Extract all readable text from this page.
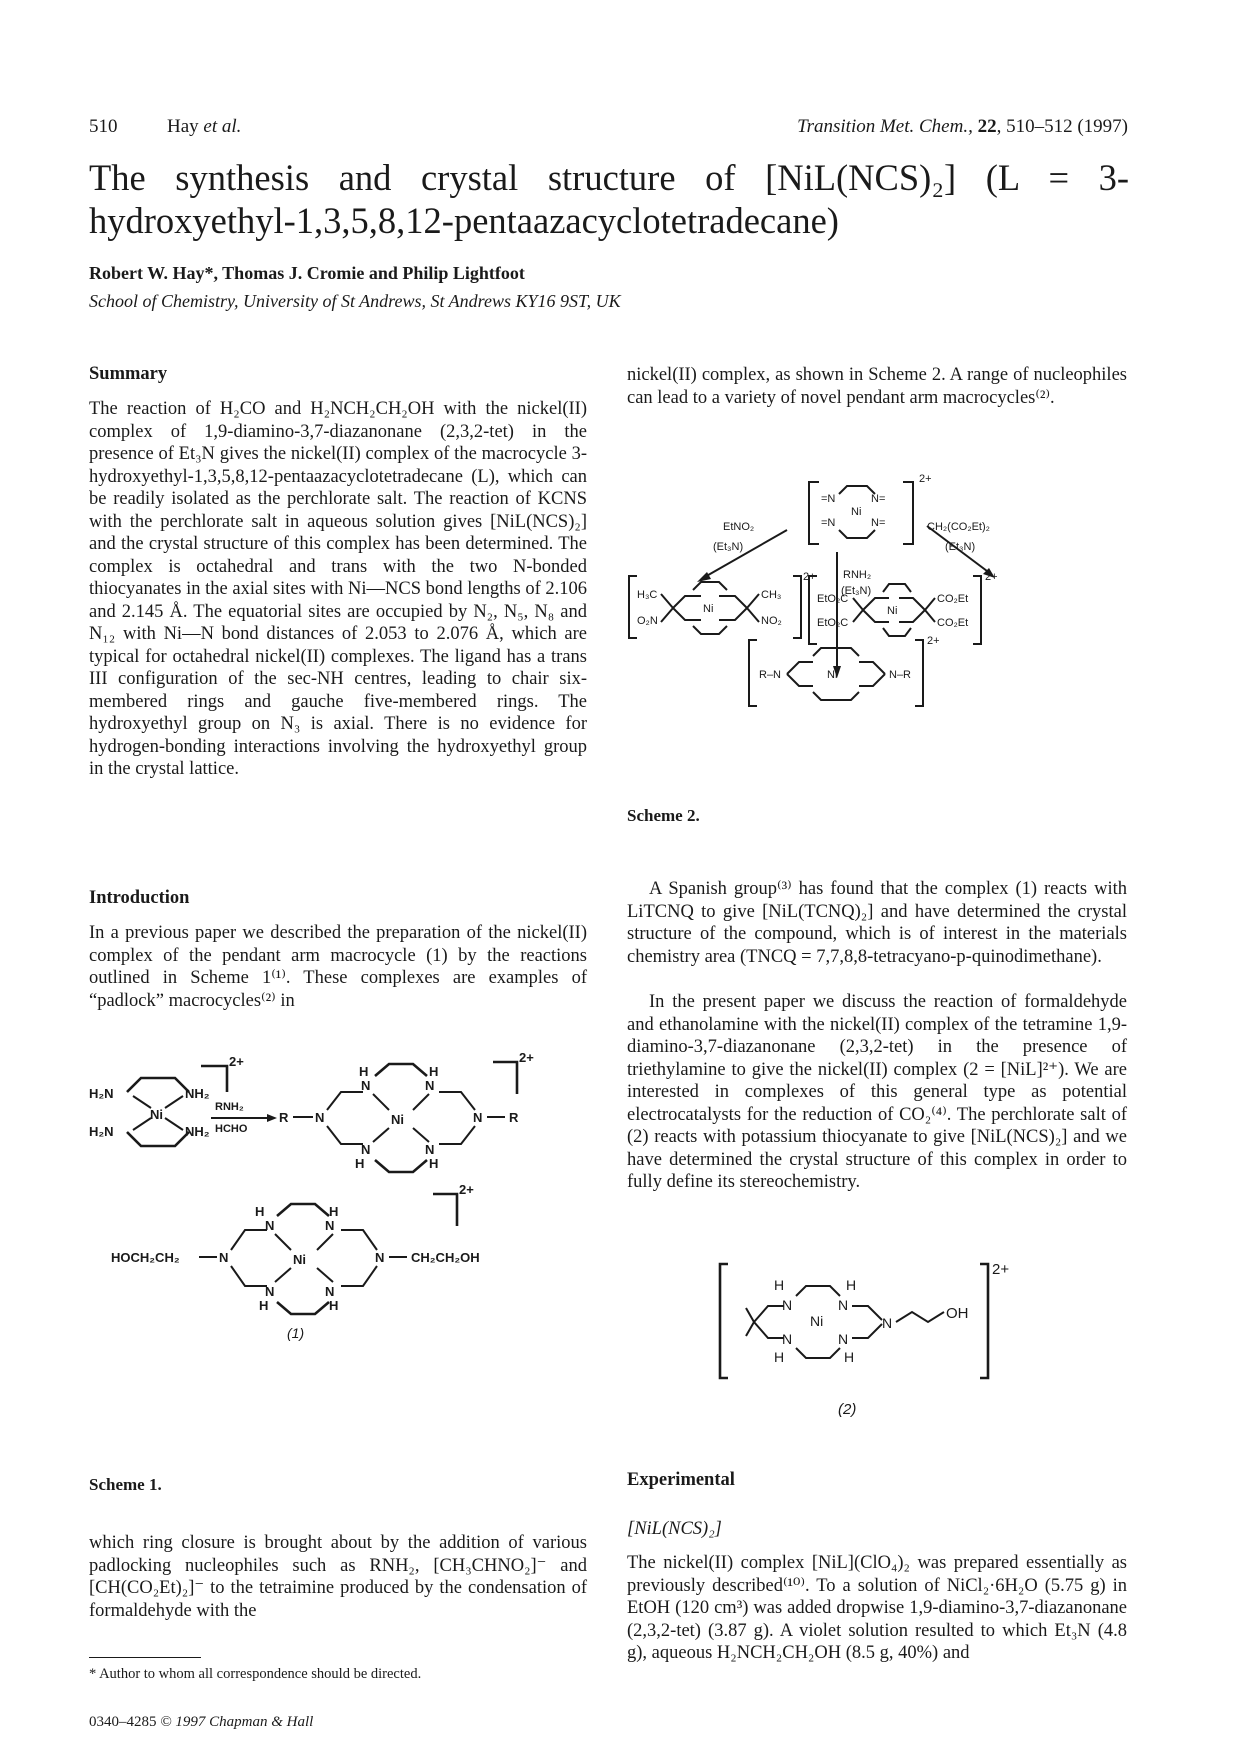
510	Hay et al.	Transition Met. Chem., 22, 510–512 (1997)
The synthesis and crystal structure of [NiL(NCS)₂] (L = 3-hydroxyethyl-1,3,5,8,12-pentaazacyclotetradecane)
Robert W. Hay*, Thomas J. Cromie and Philip Lightfoot
School of Chemistry, University of St Andrews, St Andrews KY16 9ST, UK
Summary
The reaction of H₂CO and H₂NCH₂CH₂OH with the nickel(II) complex of 1,9-diamino-3,7-diazanonane (2,3,2-tet) in the presence of Et₃N gives the nickel(II) complex of the macrocycle 3-hydroxyethyl-1,3,5,8,12-pentaazacyclotetradecane (L), which can be readily isolated as the perchlorate salt. The reaction of KCNS with the perchlorate salt in aqueous solution gives [NiL(NCS)₂] and the crystal structure of this complex has been determined. The complex is octahedral and trans with the two N-bonded thiocyanates in the axial sites with Ni—NCS bond lengths of 2.106 and 2.145 Å. The equatorial sites are occupied by N₂, N₅, N₈ and N₁₂ with Ni—N bond distances of 2.053 to 2.076 Å, which are typical for octahedral nickel(II) complexes. The ligand has a trans III configuration of the sec-NH centres, leading to chair six-membered rings and gauche five-membered rings. The hydroxyethyl group on N₃ is axial. There is no evidence for hydrogen-bonding interactions involving the hydroxyethyl group in the crystal lattice.
Introduction
In a previous paper we described the preparation of the nickel(II) complex of the pendant arm macrocycle (1) by the reactions outlined in Scheme 1⁽¹⁾. These complexes are examples of “padlock” macrocycles⁽²⁾ in
H₂N	NH₂
H₂N	NH₂
Ni
2+
RNH₂
HCHO
R N
N
H
N
H
N
H
N
H
Ni	N R
2+
HOCH₂CH₂	N
N
H
N
H
N
H
N
H
Ni	N CH₂CH₂OH
2+
(1)
Scheme 1.
which ring closure is brought about by the addition of various padlocking nucleophiles such as RNH₂, [CH₃CHNO₂]⁻ and [CH(CO₂Et)₂]⁻ to the tetraimine produced by the condensation of formaldehyde with the
* Author to whom all correspondence should be directed.
0340–4285 © 1997 Chapman & Hall
nickel(II) complex, as shown in Scheme 2. A range of nucleophiles can lead to a variety of novel pendant arm macrocycles⁽²⁾.
2+
=N	N=
=N	N=
Ni
EtNO₂
(Et₃N)
RNH₂
(Et₃N)
CH₂(CO₂Et)₂
(Et₃N)
2+
H₃C
O₂N
CH₃
NO₂
Ni
2+
EtO₂C
EtO₂C
CO₂Et
CO₂Et
Ni
2+
R–N	N–R
Ni
Scheme 2.
A Spanish group⁽³⁾ has found that the complex (1) reacts with LiTCNQ to give [NiL(TCNQ)₂] and have determined the crystal structure of the compound, which is of interest in the materials chemistry area (TNCQ = 7,7,8,8-tetracyano-p-quinodimethane).
In the present paper we discuss the reaction of formaldehyde and ethanolamine with the nickel(II) complex of the tetramine 1,9-diamino-3,7-diazanonane (2,3,2-tet) in the presence of triethylamine to give the nickel(II) complex (2 = [NiL]²⁺). We are interested in complexes of this general type as potential electrocatalysts for the reduction of CO₂⁽⁴⁾. The perchlorate salt of (2) reacts with potassium thiocyanate to give [NiL(NCS)₂] and we have determined the crystal structure of this complex in order to fully define its stereochemistry.
2+
H
N
N
H
Ni
N
H
N
H
N
OH
(2)
Experimental
[NiL(NCS)₂]
The nickel(II) complex [NiL](ClO₄)₂ was prepared essentially as previously described⁽¹⁰⁾. To a solution of NiCl₂·6H₂O (5.75 g) in EtOH (120 cm³) was added dropwise 1,9-diamino-3,7-diazanonane (2,3,2-tet) (3.87 g). A violet solution resulted to which Et₃N (4.8 g), aqueous H₂NCH₂CH₂OH (8.5 g, 40%) and
